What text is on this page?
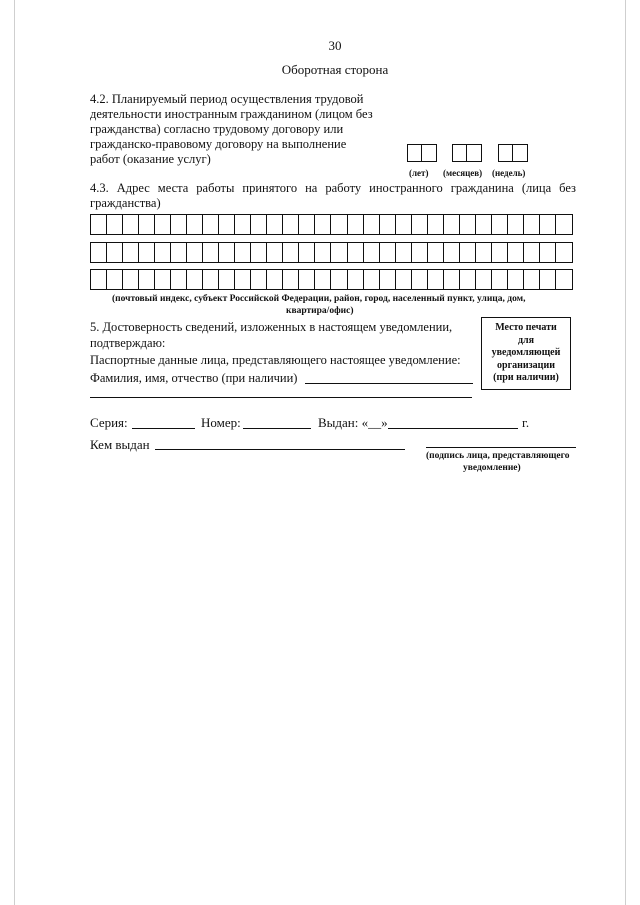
30
Оборотная сторона
4.2. Планируемый период осуществления трудовой
деятельности иностранным гражданином (лицом без
гражданства) согласно трудовому договору или
гражданско-правовому договору на выполнение
работ (оказание услуг)
(лет) (месяцев) (недель)
4.3. Адрес места работы принятого на работу иностранного гражданина (лица без
гражданства)
(почтовый индекс, субъект Российской Федерации, район, город, населенный пункт, улица, дом,
квартира/офис)
5. Достоверность сведений, изложенных в настоящем уведомлении,
подтверждаю:
Паспортные данные лица, представляющего настоящее уведомление:
Фамилия, имя, отчество (при наличии)
Место печати
для
уведомляющей
организации
(при наличии)
Серия:	Номер:	Выдан: «__»	г.
Кем выдан
(подпись лица, представляющего
уведомление)
